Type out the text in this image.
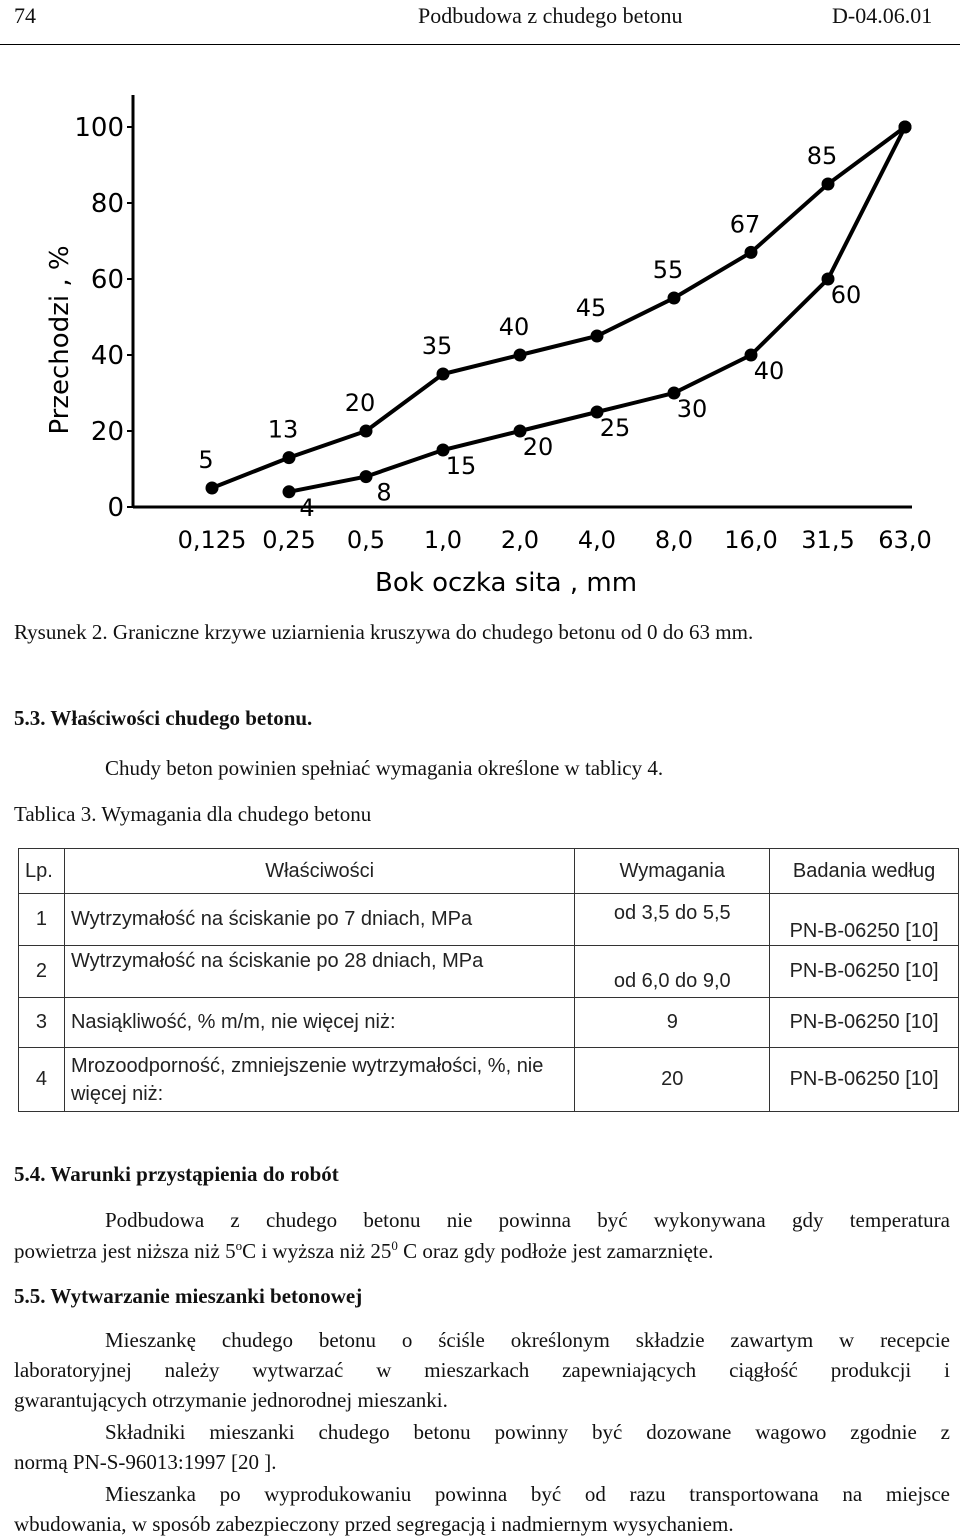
74	Podbudowa z chudego betonu	D-04.06.01
0
20
40
60
80
100
0,125 0,25 0,5 1,0 2,0 4,0 8,0 16,0 31,5 63,0
Bok oczka sita , mm
Przechodzi , %
5
13
20
35
40
45
55
67
85
4
8
15
20
25
30
40
60
Rysunek 2. Graniczne krzywe uziarnienia kruszywa do chudego betonu od 0 do 63 mm.
5.3. Właściwości chudego betonu.
Chudy beton powinien spełniać wymagania określone w tablicy 4.
Tablica 3. Wymagania dla chudego betonu
Lp.	Właściwości	Wymagania	Badania według
1	Wytrzymałość na ściskanie po 7 dniach, MPa	od 3,5 do 5,5	PN-B-06250 [10]
2	Wytrzymałość na ściskanie po 28 dniach, MPa	od 6,0 do 9,0	PN-B-06250 [10]
3	Nasiąkliwość, % m/m, nie więcej niż:	9	PN-B-06250 [10]
4	Mrozoodporność, zmniejszenie wytrzymałości, %, nie więcej niż:	20	PN-B-06250 [10]
5.4. Warunki przystąpienia do robót
Podbudowa z chudego betonu nie powinna być wykonywana gdy temperatura
powietrza jest niższa niż 5$^o$C i wyższa niż $25^0$ C oraz gdy podłoże jest zamarznięte.
5.5. Wytwarzanie mieszanki betonowej
Mieszankę chudego betonu o ściśle określonym składzie zawartym w recepcie
laboratoryjnej należy wytwarzać w mieszarkach zapewniających ciągłość produkcji i
gwarantujących otrzymanie jednorodnej mieszanki.
Składniki mieszanki chudego betonu powinny być dozowane wagowo zgodnie z
normą PN-S-96013:1997 [20 ].
Mieszanka po wyprodukowaniu powinna być od razu transportowana na miejsce
wbudowania, w sposób zabezpieczony przed segregacją i nadmiernym wysychaniem.
